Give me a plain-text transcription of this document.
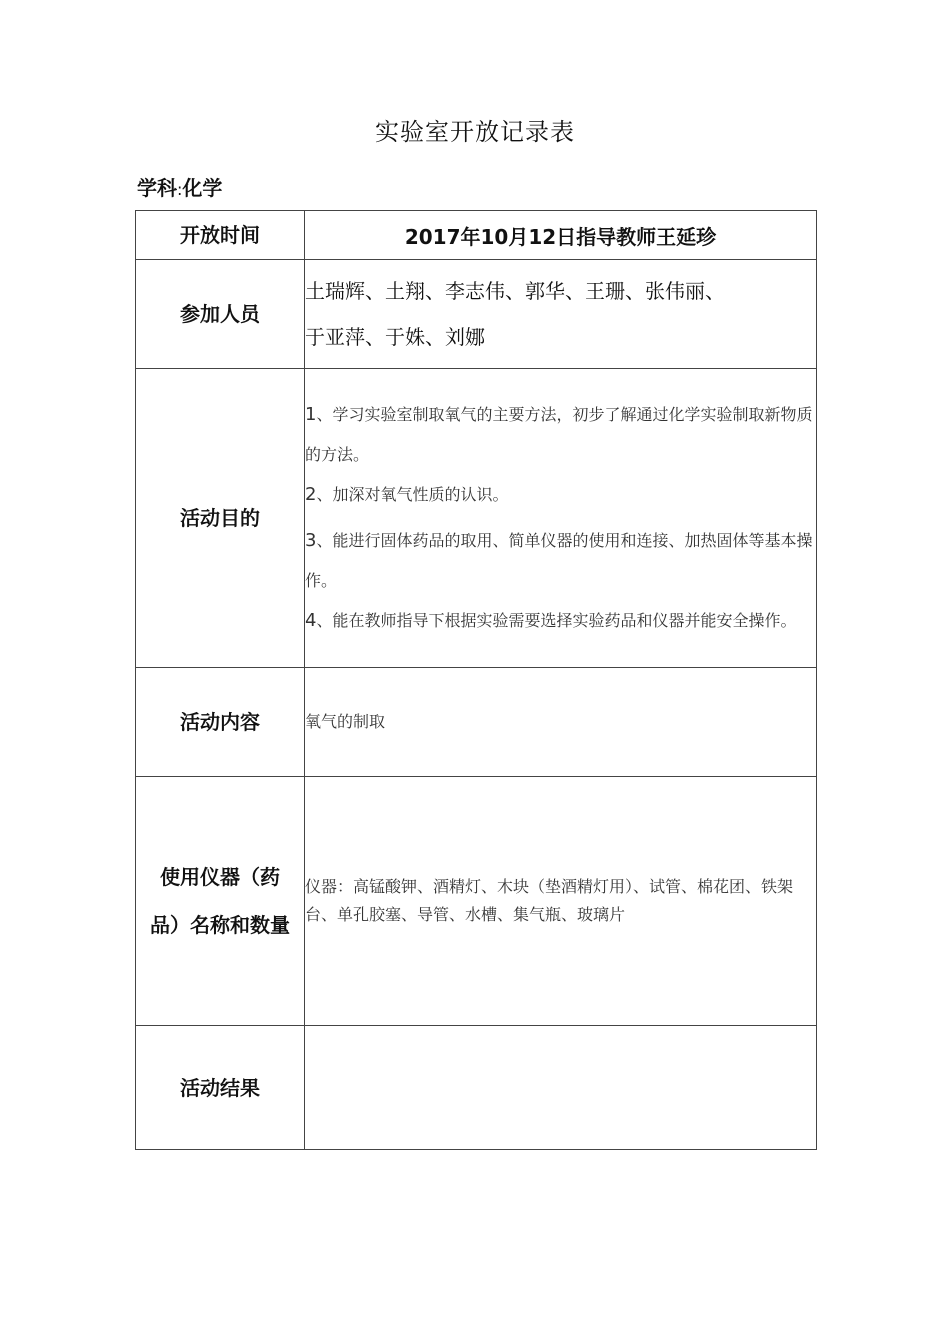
实验室开放记录表
学科:化学
开放时间	2017年10月12日指导教师王延珍
参加人员	土瑞辉、土翔、李志伟、郭华、王珊、张伟丽、
于亚萍、于姝、刘娜

活动目的	1、学习实验室制取氧气的主要方法，初步了解通过化学实验制取新物质的方法。
2、加深对氧气性质的认识。
3、能进行固体药品的取用、简单仪器的使用和连接、加热固体等基本操作。
4、能在教师指导下根据实验需要选择实验药品和仪器并能安全操作。

活动内容	氧气的制取
使用仪器（药品）名称和数量	仪器：高锰酸钾、酒精灯、木块（垫酒精灯用）、试管、棉花团、铁架台、单孔胶塞、导管、水槽、集气瓶、玻璃片
活动结果	
